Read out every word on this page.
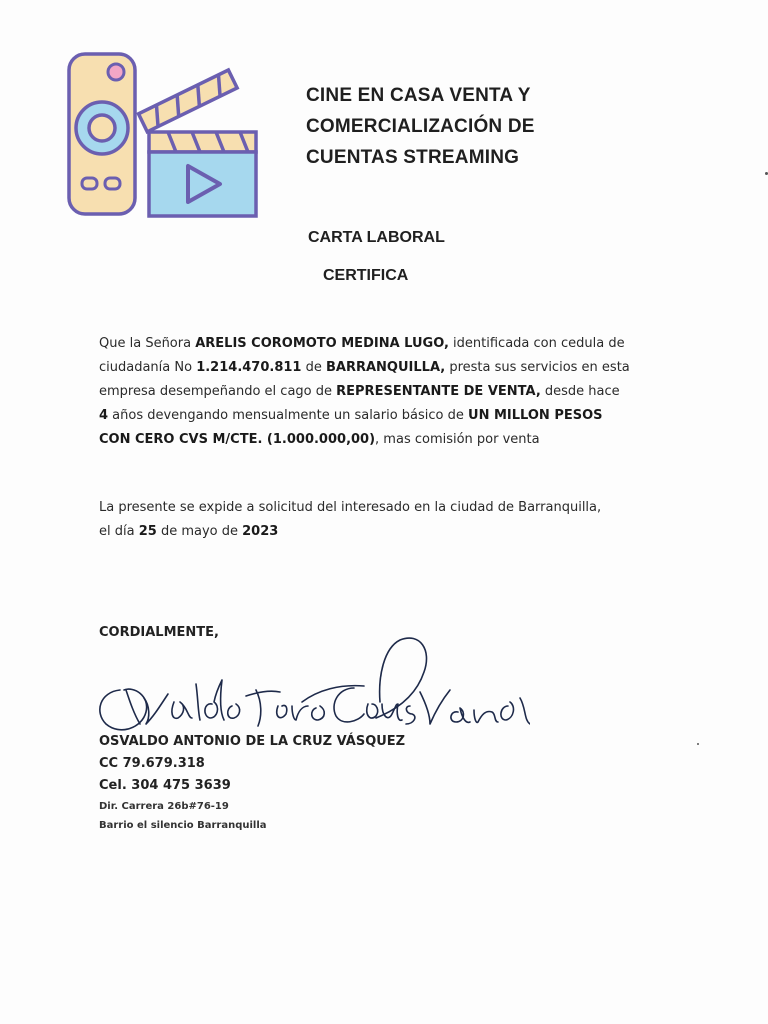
CINE EN CASA VENTA Y
COMERCIALIZACIÓN DE
CUENTAS STREAMING
CARTA LABORAL
CERTIFICA
Que la Señora ARELIS COROMOTO MEDINA LUGO, identificada con cedula de
ciudadanía No 1.214.470.811 de BARRANQUILLA, presta sus servicios en esta
empresa desempeñando el cago de REPRESENTANTE DE VENTA, desde hace
4 años devengando mensualmente un salario básico de UN MILLON PESOS
CON CERO CVS M/CTE. (1.000.000,00), mas comisión por venta
La presente se expide a solicitud del interesado en la ciudad de Barranquilla,
el día 25 de mayo de 2023
CORDIALMENTE,
OSVALDO ANTONIO DE LA CRUZ VÁSQUEZ
CC 79.679.318
Cel. 304 475 3639
Dir. Carrera 26b#76-19
Barrio el silencio Barranquilla
